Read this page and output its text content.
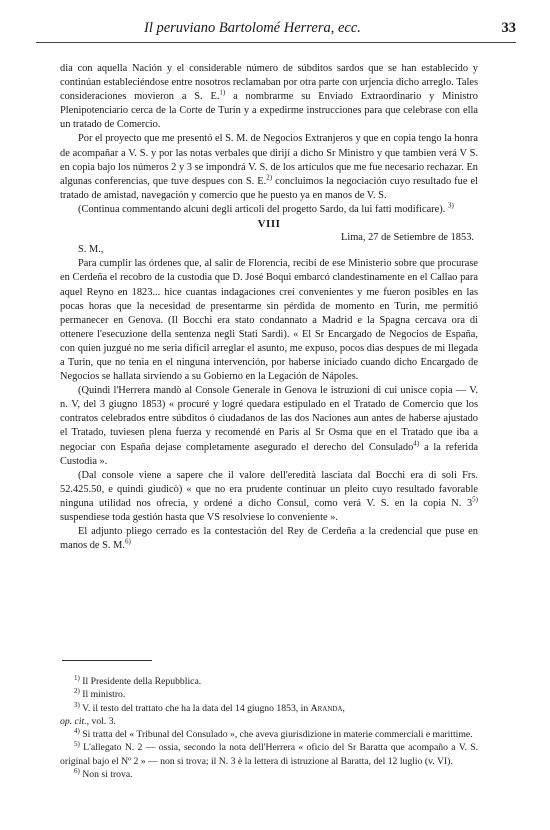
Il peruviano Bartolomé Herrera, ecc.	33

dia con aquella Nación y el considerable número de súbditos sardos que se han establecido y continúan estableciéndose entre nosotros reclamaban por otra parte con urjencia dicho arreglo. Tales consideraciones movieron a S. E.$^{1)}$ a nombrarme su Enviado Extraordinario y Ministro Plenipotenciario cerca de la Corte de Turin y a expedirme instrucciones para que celebrase con ella un tratado de Comercio.

Por el proyecto que me presentó el S. M. de Negocios Extranjeros y que en copia tengo la honra de acompañar a V. S. y por las notas verbales que dirijí a dicho Sr Ministro y que tambien verá V S. en copia bajo los números 2 y 3 se impondrá V. S. de los artículos que me fue necesario rechazar. En algunas conferencias, que tuve despues con S. E.$^{2)}$ concluimos la negociación cuyo resultado fue el tratado de amistad, navegación y comercio que he puesto ya en manos de V. S.

(Continua commentando alcuni degli articoli del progetto Sardo, da lui fatti modificare). $^{3)}$

VIII

Lima, 27 de Setiembre de 1853.

S. M.,

Para cumplir las órdenes que, al salir de Florencia, recibí de ese Ministerio sobre que procurase en Cerdeña el recobro de la custodia que D. José Boqui embarcó clandestinamente en el Callao para aquel Reyno en 1823... hice cuantas indagaciones creí convenientes y me fueron posibles en las pocas horas que la necesidad de presentarme sin pérdida de momento en Turin, me permitió permanecer en Genova. (Il Bocchi era stato condannato a Madrid e la Spagna cercava ora di ottenere l'esecuzione della sentenza negli Stati Sardi). « El Sr Encargado de Negocios de España, con quien juzgué no me seria difícil arreglar el asunto, me expuso, pocos dias despues de mi llegada a Turin, que no tenia en el ninguna intervención, por haberse iniciado cuando dicho Encargado de Negocios se hallata sirviendo a su Gobierno en la Legación de Nápoles.

(Quindi l'Herrera mandò al Console Generale in Genova le istruzioni di cui unisce copia — V. n. V, del 3 giugno 1853) « procuré y logré quedara estipulado en el Tratado de Comercio que los contratos celebrados entre súbditos ó ciudadanos de las dos Naciones aun antes de haberse ajustado el Tratado, tuviesen plena fuerza y recomendé en Paris al Sr Osma que en el Tratado que iba a negociar con España dejase completamente asegurado el derecho del Consulado$^{4)}$ a la referida Custodia ».

(Dal console viene a sapere che il valore dell'eredità lasciata dal Bocchi era di soli Frs. 52.425.50, e quindi giudicò) « que no era prudente continuar un pleito cuyo resultado favorable ninguna utilidad nos ofrecia, y ordené a dicho Consul, como verá V. S. en la copia N. 3$^{5)}$ suspendiese toda gestión hasta que VS resolviese lo conveniente ».

El adjunto pliego cerrado es la contestación del Rey de Cerdeña a la credencial que puse en manos de S. M.$^{6)}$

$^{1)}$ Il Presidente della Repubblica.

$^{2)}$ Il ministro.

$^{3)}$ V. il testo del trattato che ha la data del 14 giugno 1853, in Aranda,
op. cit., vol. 3.

$^{4)}$ Si tratta del « Tribunal del Consulado », che aveva giurisdizione in materie commerciali e marittime.

$^{5)}$ L'allegato N. 2 — ossia, secondo la nota dell'Herrera « oficio del Sr Baratta que acompaño a V. S. original bajo el Nº 2 » — non si trova; il N. 3 è la lettera di istruzione al Baratta, del 12 luglio (v. VI).

$^{6)}$ Non si trova.
